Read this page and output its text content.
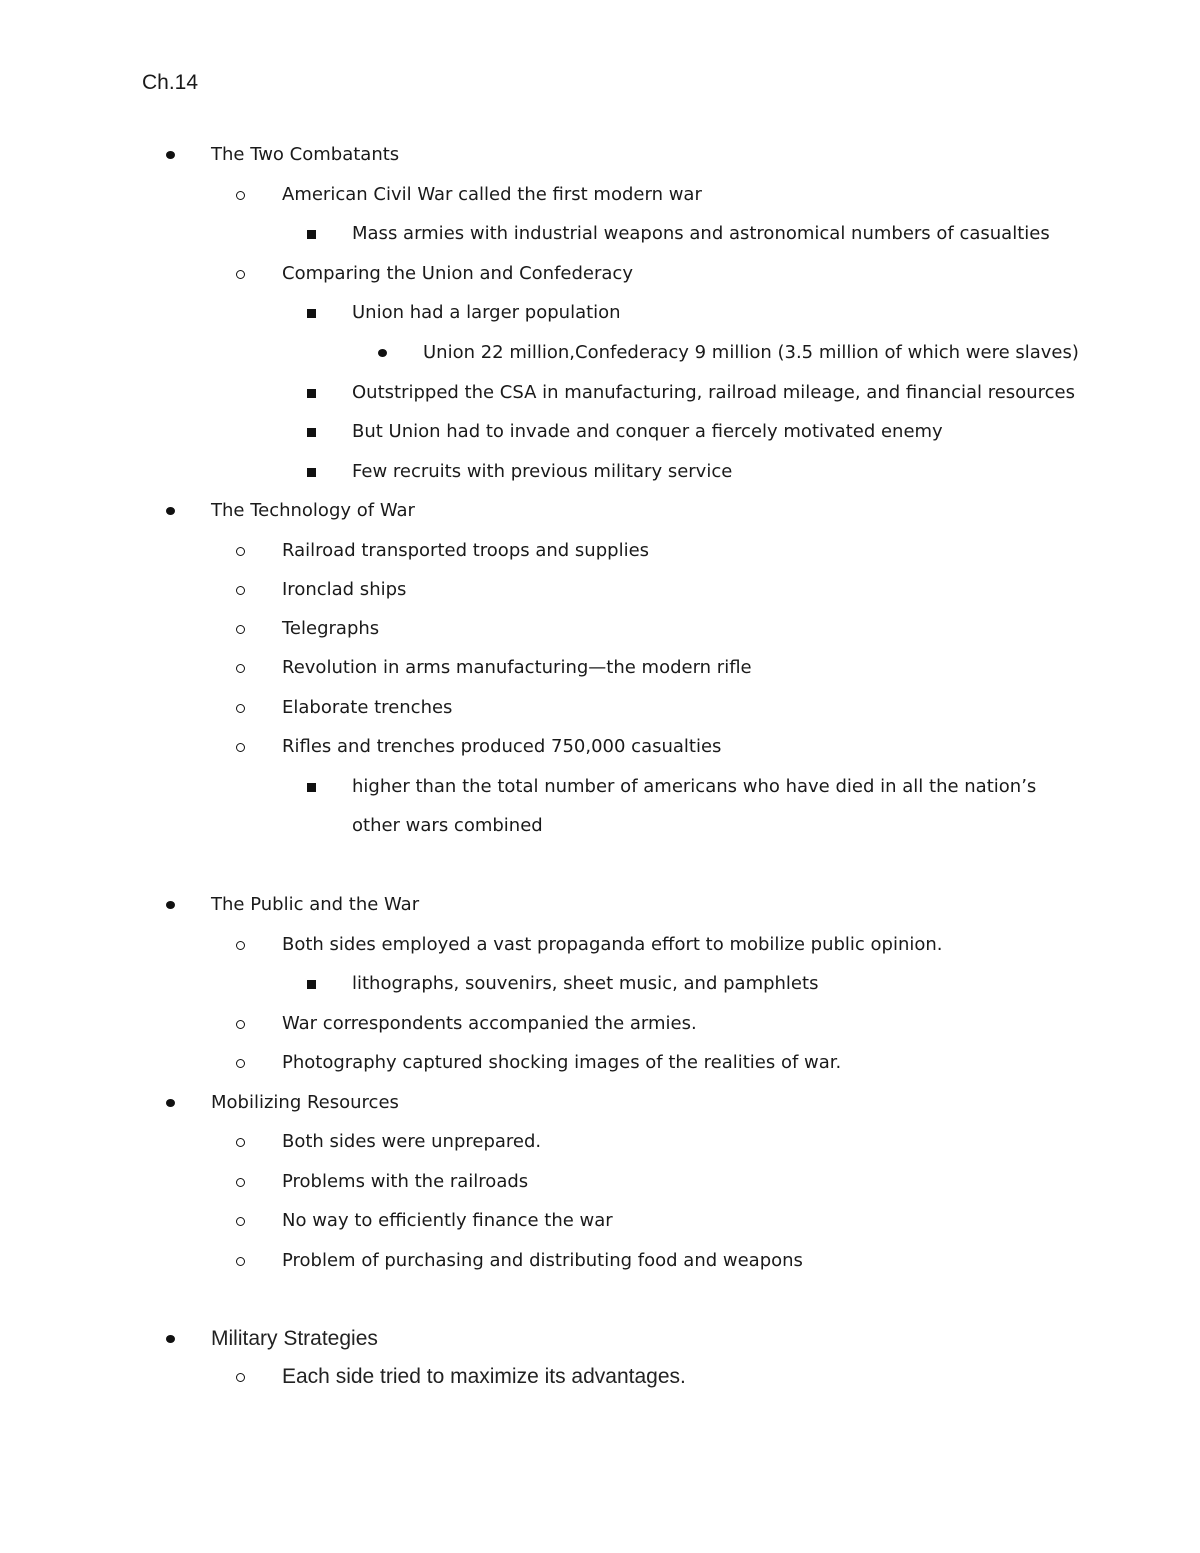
Ch.14
The Two Combatants
American Civil War called the first modern war
Mass armies with industrial weapons and astronomical numbers of casualties
Comparing the Union and Confederacy
Union had a larger population
Union 22 million,Confederacy 9 million (3.5 million of which were slaves)
Outstripped the CSA in manufacturing, railroad mileage, and financial resources
But Union had to invade and conquer a fiercely motivated enemy
Few recruits with previous military service
The Technology of War
Railroad transported troops and supplies
Ironclad ships
Telegraphs
Revolution in arms manufacturing—the modern rifle
Elaborate trenches
Rifles and trenches produced 750,000 casualties
higher than the total number of americans who have died in all the nation’s
other wars combined
The Public and the War
Both sides employed a vast propaganda effort to mobilize public opinion.
lithographs, souvenirs, sheet music, and pamphlets
War correspondents accompanied the armies.
Photography captured shocking images of the realities of war.
Mobilizing Resources
Both sides were unprepared.
Problems with the railroads
No way to efficiently finance the war
Problem of purchasing and distributing food and weapons
Military Strategies
Each side tried to maximize its advantages.
